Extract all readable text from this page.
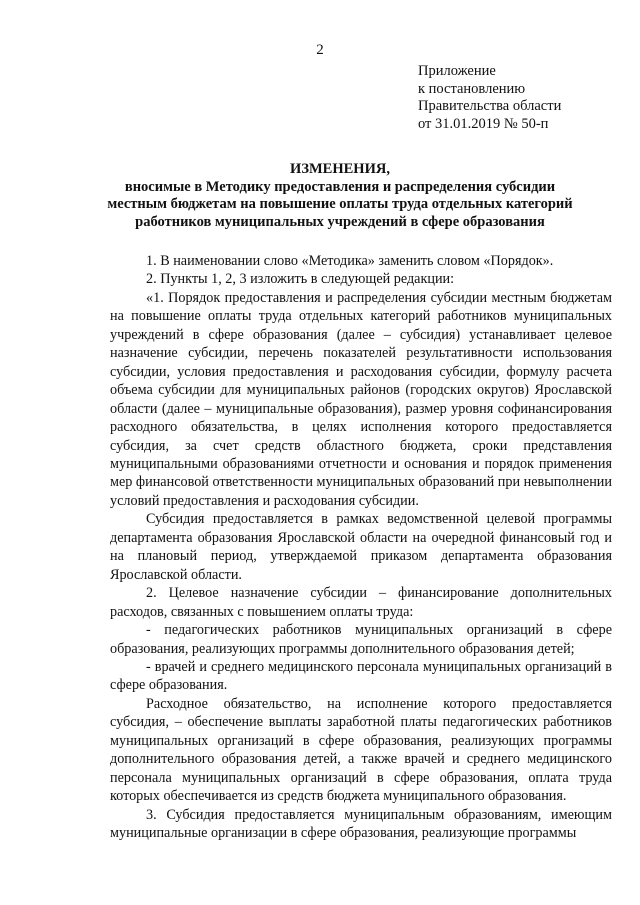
2
Приложение
к постановлению
Правительства области
от 31.01.2019 № 50-п
ИЗМЕНЕНИЯ,
вносимые в Методику предоставления и распределения субсидии
местным бюджетам на повышение оплаты труда отдельных категорий
работников муниципальных учреждений в сфере образования

1. В наименовании слово «Методика» заменить словом «Порядок».

2. Пункты 1, 2, 3 изложить в следующей редакции:

«1. Порядок предоставления и распределения субсидии местным бюджетам на повышение оплаты труда отдельных категорий работников муниципальных учреждений в сфере образования (далее – субсидия) устанавливает целевое назначение субсидии, перечень показателей результативности использования субсидии, условия предоставления и расходования субсидии, формулу расчета объема субсидии для муниципальных районов (городских округов) Ярославской области (далее – муниципальные образования), размер уровня софинансирования расходного обязательства, в целях исполнения которого предоставляется субсидия, за счет средств областного бюджета, сроки представления муниципальными образованиями отчетности и основания и порядок применения мер финансовой ответственности муниципальных образований при невыполнении условий предоставления и расходования субсидии.

Субсидия предоставляется в рамках ведомственной целевой программы департамента образования Ярославской области на очередной финансовый год и на плановый период, утверждаемой приказом департамента образования Ярославской области.

2. Целевое назначение субсидии – финансирование дополнительных расходов, связанных с повышением оплаты труда:

- педагогических работников муниципальных организаций в сфере образования, реализующих программы дополнительного образования детей;

- врачей и среднего медицинского персонала муниципальных организаций в сфере образования.

Расходное обязательство, на исполнение которого предоставляется субсидия, – обеспечение выплаты заработной платы педагогических работников муниципальных организаций в сфере образования, реализующих программы дополнительного образования детей, а также врачей и среднего медицинского персонала муниципальных организаций в сфере образования, оплата труда которых обеспечивается из средств бюджета муниципального образования.

3. Субсидия предоставляется муниципальным образованиям, имеющим муниципальные организации в сфере образования, реализующие программы
